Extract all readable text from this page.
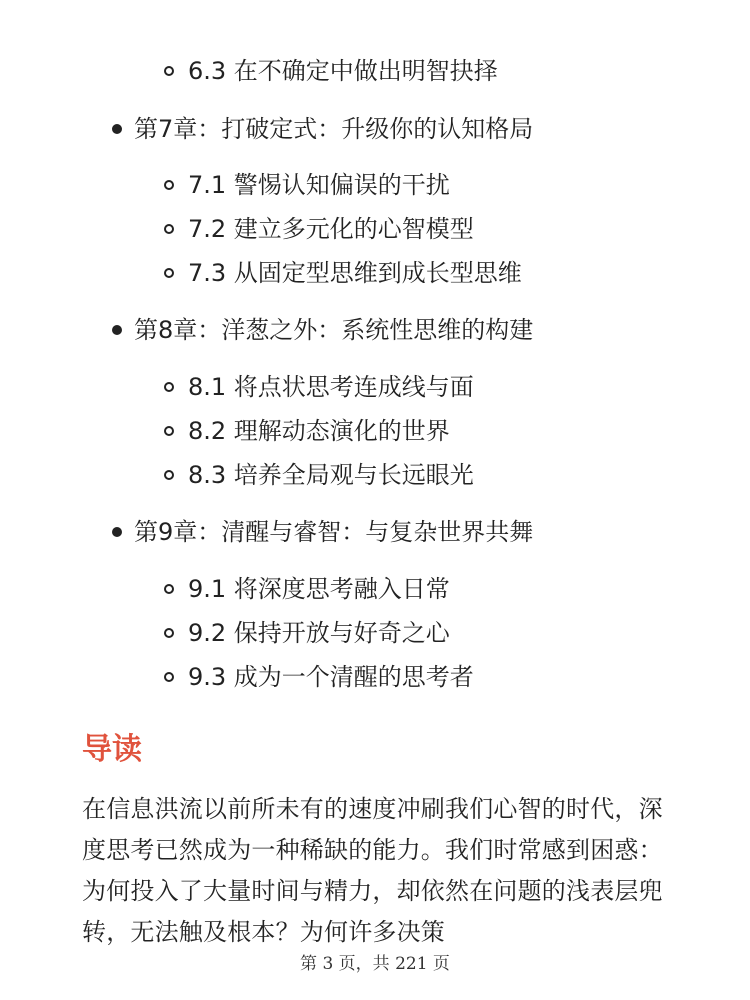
6.3 在不确定中做出明智抉择
第7章：打破定式：升级你的认知格局
7.1 警惕认知偏误的干扰
7.2 建立多元化的心智模型
7.3 从固定型思维到成长型思维
第8章：洋葱之外：系统性思维的构建
8.1 将点状思考连成线与面
8.2 理解动态演化的世界
8.3 培养全局观与长远眼光
第9章：清醒与睿智：与复杂世界共舞
9.1 将深度思考融入日常
9.2 保持开放与好奇之心
9.3 成为一个清醒的思考者
导读
在信息洪流以前所未有的速度冲刷我们心智的时代，深度思考已然成为一种稀缺的能力。我们时常感到困惑：为何投入了大量时间与精力，却依然在问题的浅表层兜转，无法触及根本？为何许多决策
第 3 页，共 221 页
